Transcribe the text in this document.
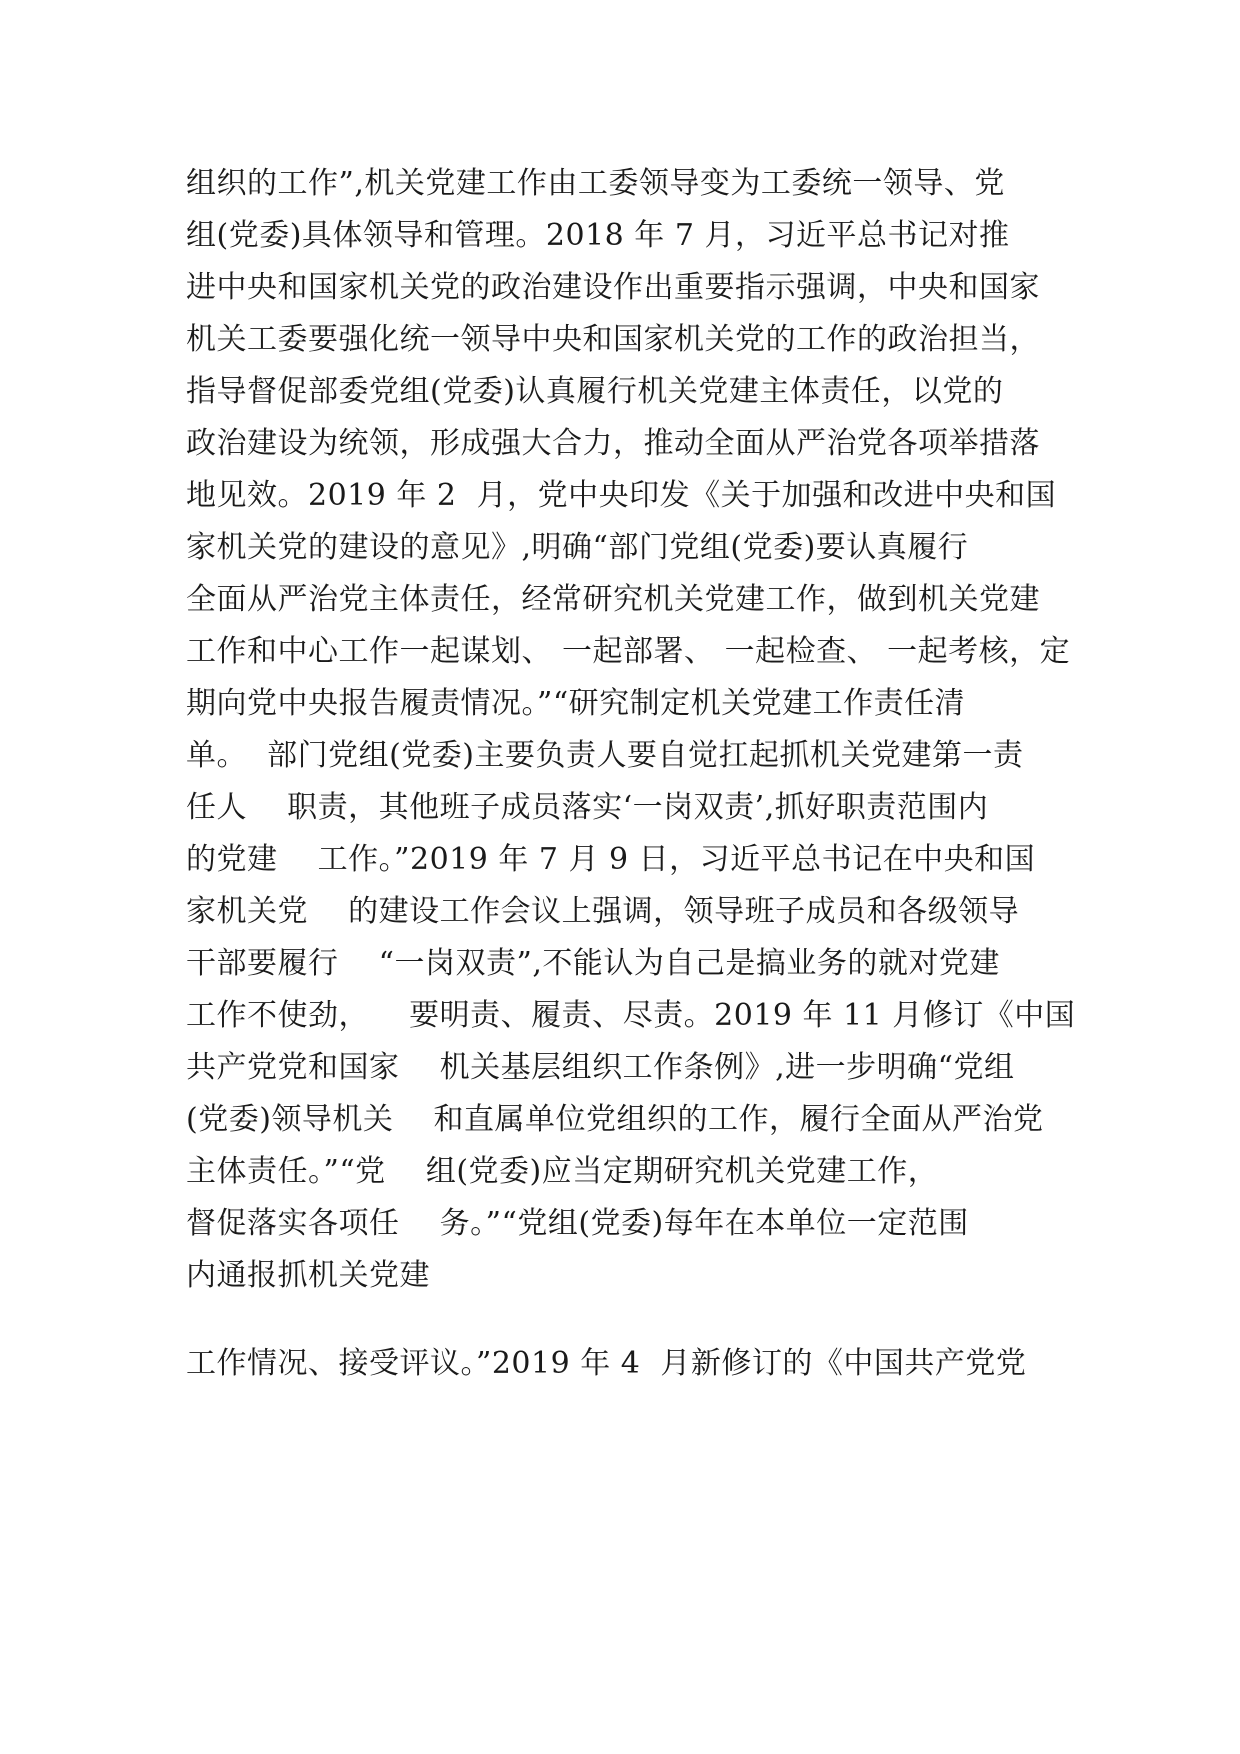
组织的工作”,机关党建工作由工委领导变为工委统一领导、党
组(党委)具体领导和管理。2018 年 7 月，习近平总书记对推
进中央和国家机关党的政治建设作出重要指示强调，中央和国家
机关工委要强化统一领导中央和国家机关党的工作的政治担当，
指导督促部委党组(党委)认真履行机关党建主体责任，以党的
政治建设为统领，形成强大合力，推动全面从严治党各项举措落
地见效。2019 年 2  月，党中央印发《关于加强和改进中央和国
家机关党的建设的意见》,明确“部门党组(党委)要认真履行
全面从严治党主体责任，经常研究机关党建工作，做到机关党建
工作和中心工作一起谋划、 一起部署、 一起检查、 一起考核，定
期向党中央报告履责情况。”“研究制定机关党建工作责任清
单。  部门党组(党委)主要负责人要自觉扛起抓机关党建第一责
任人    职责，其他班子成员落实‘一岗双责’,抓好职责范围内
的党建    工作。”2019 年 7 月 9 日，习近平总书记在中央和国
家机关党    的建设工作会议上强调，领导班子成员和各级领导
干部要履行    “一岗双责”,不能认为自己是搞业务的就对党建
工作不使劲，    要明责、履责、尽责。2019 年 11 月修订《中国
共产党党和国家    机关基层组织工作条例》,进一步明确“党组
(党委)领导机关    和直属单位党组织的工作，履行全面从严治党
主体责任。”“党    组(党委)应当定期研究机关党建工作，
督促落实各项任    务。”“党组(党委)每年在本单位一定范围
内通报抓机关党建
工作情况、接受评议。”2019 年 4  月新修订的《中国共产党党
